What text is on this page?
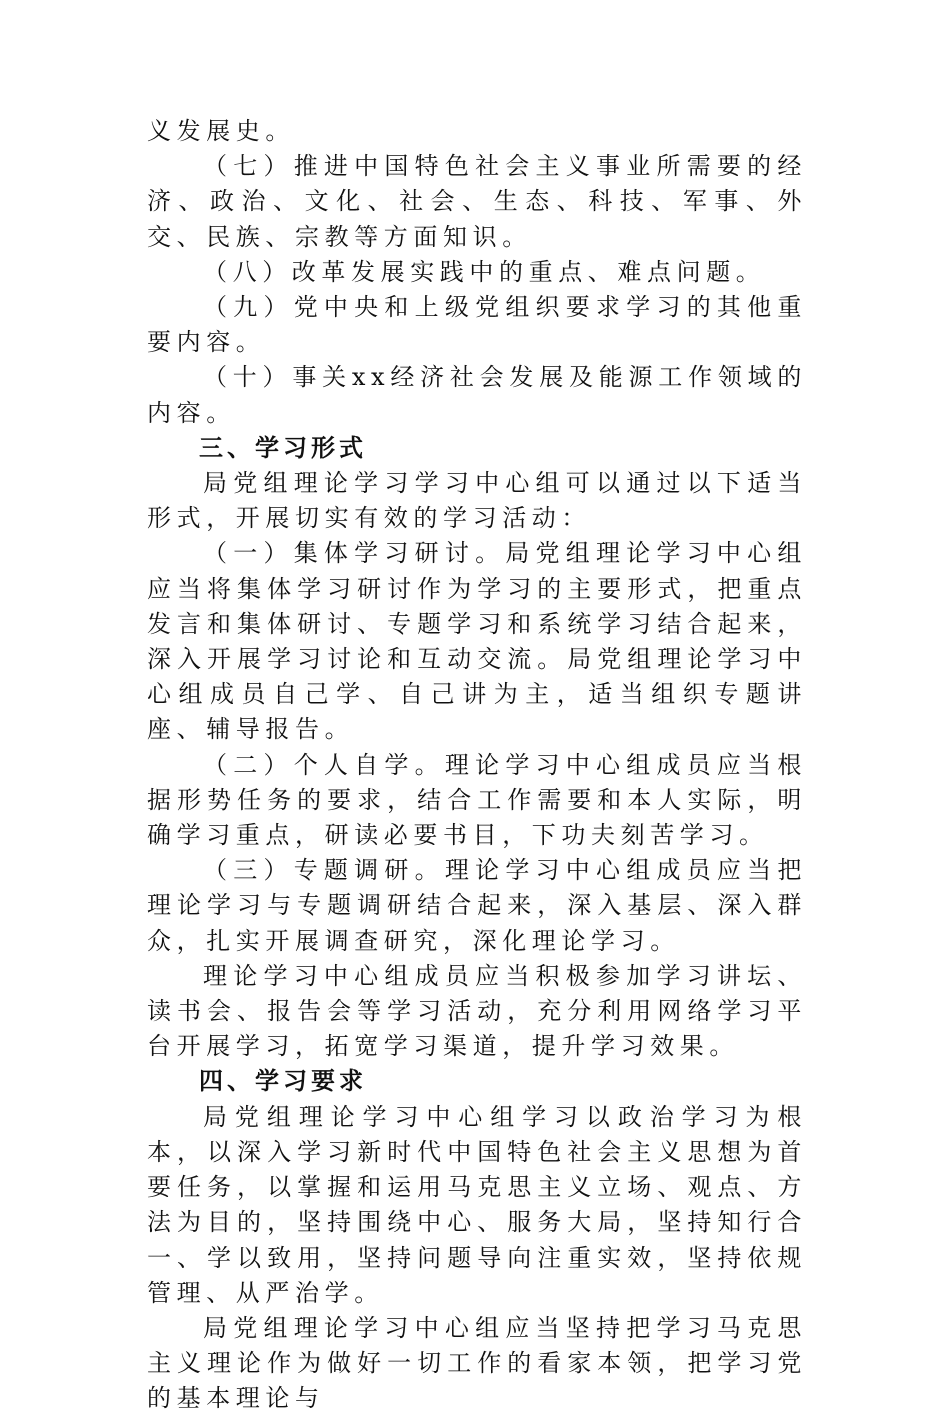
义发展史。

（七）推进中国特色社会主义事业所需要的经济、政治、文化、社会、生态、科技、军事、外交、民族、宗教等方面知识。

（八）改革发展实践中的重点、难点问题。

（九）党中央和上级党组织要求学习的其他重要内容。

（十）事关xx经济社会发展及能源工作领域的内容。

三、学习形式

局党组理论学习学习中心组可以通过以下适当形式，开展切实有效的学习活动：

（一）集体学习研讨。局党组理论学习中心组应当将集体学习研讨作为学习的主要形式，把重点发言和集体研讨、专题学习和系统学习结合起来，深入开展学习讨论和互动交流。局党组理论学习中心组成员自己学、自己讲为主，适当组织专题讲座、辅导报告。

（二）个人自学。理论学习中心组成员应当根据形势任务的要求，结合工作需要和本人实际，明确学习重点，研读必要书目，下功夫刻苦学习。

（三）专题调研。理论学习中心组成员应当把理论学习与专题调研结合起来，深入基层、深入群众，扎实开展调查研究，深化理论学习。

理论学习中心组成员应当积极参加学习讲坛、读书会、报告会等学习活动，充分利用网络学习平台开展学习，拓宽学习渠道，提升学习效果。

四、学习要求

局党组理论学习中心组学习以政治学习为根本，以深入学习新时代中国特色社会主义思想为首要任务，以掌握和运用马克思主义立场、观点、方法为目的，坚持围绕中心、服务大局，坚持知行合一、学以致用，坚持问题导向注重实效，坚持依规管理、从严治学。

局党组理论学习中心组应当坚持把学习马克思主义理论作为做好一切工作的看家本领，把学习党的基本理论与
